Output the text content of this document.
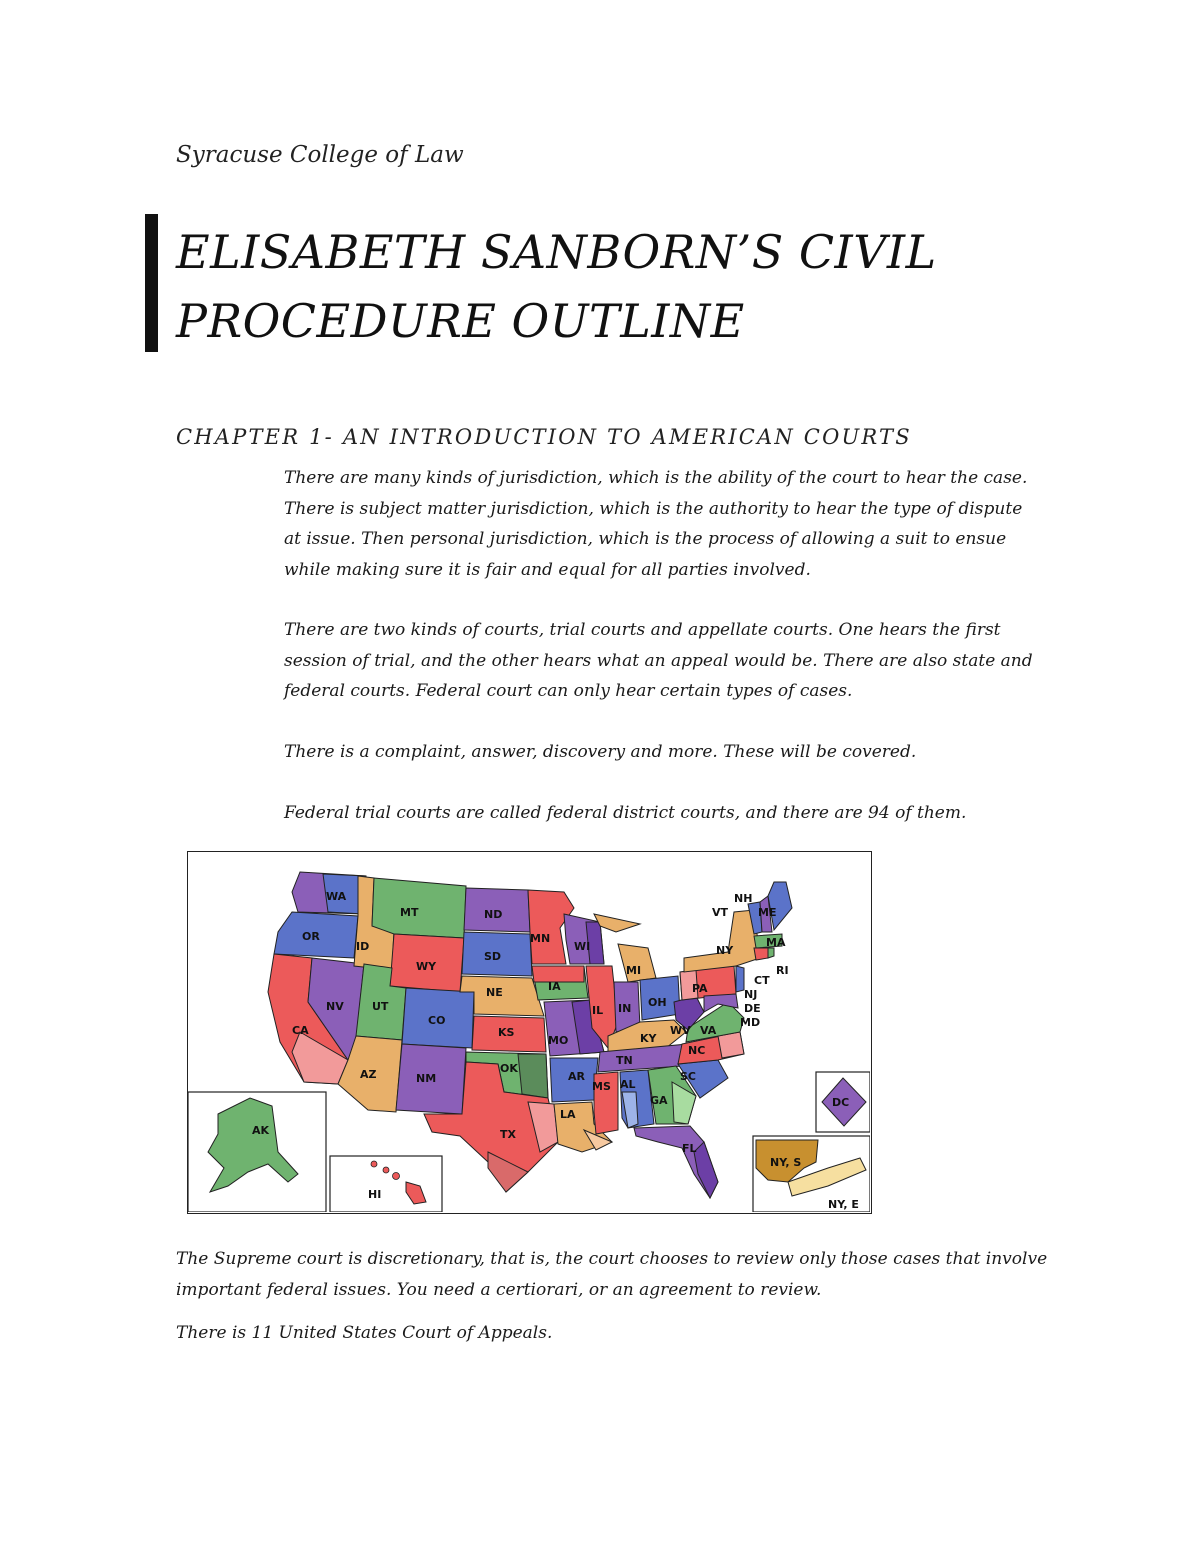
Syracuse College of Law
ELISABETH SANBORN’S CIVIL
PROCEDURE OUTLINE
CHAPTER 1- AN INTRODUCTION TO AMERICAN COURTS
There are many kinds of jurisdiction, which is the ability of the court to hear the case. There is subject matter jurisdiction, which is the authority to hear the type of dispute at issue. Then personal jurisdiction, which is the process of allowing a suit to ensue while making sure it is fair and equal for all parties involved.
There are two kinds of courts, trial courts and appellate courts. One hears the first session of trial, and the other hears what an appeal would be. There are also state and federal courts. Federal court can only hear certain types of cases.
There is a complaint, answer, discovery and more. These will be covered.
Federal trial courts are called federal district courts, and there are 94 of them.
WA
OR
CA
ID
NV
MT
WY
UT
AZ
CO
NM
ND
SD
NE
KS
OK
TX
MN
IA
MO
AR
LA
WI
IL
MI
IN OH
KY
TN
MS AL
GA
FL
SC
NC
VA
WV
PA
NY
VT
NH
ME
MA
RI
CT
NJ
DE
MD
AK
HI
DC
NY, S
NY, E
The Supreme court is discretionary, that is, the court chooses to review only those cases that involve important federal issues. You need a certiorari, or an agreement to review.
There is 11 United States Court of Appeals.
